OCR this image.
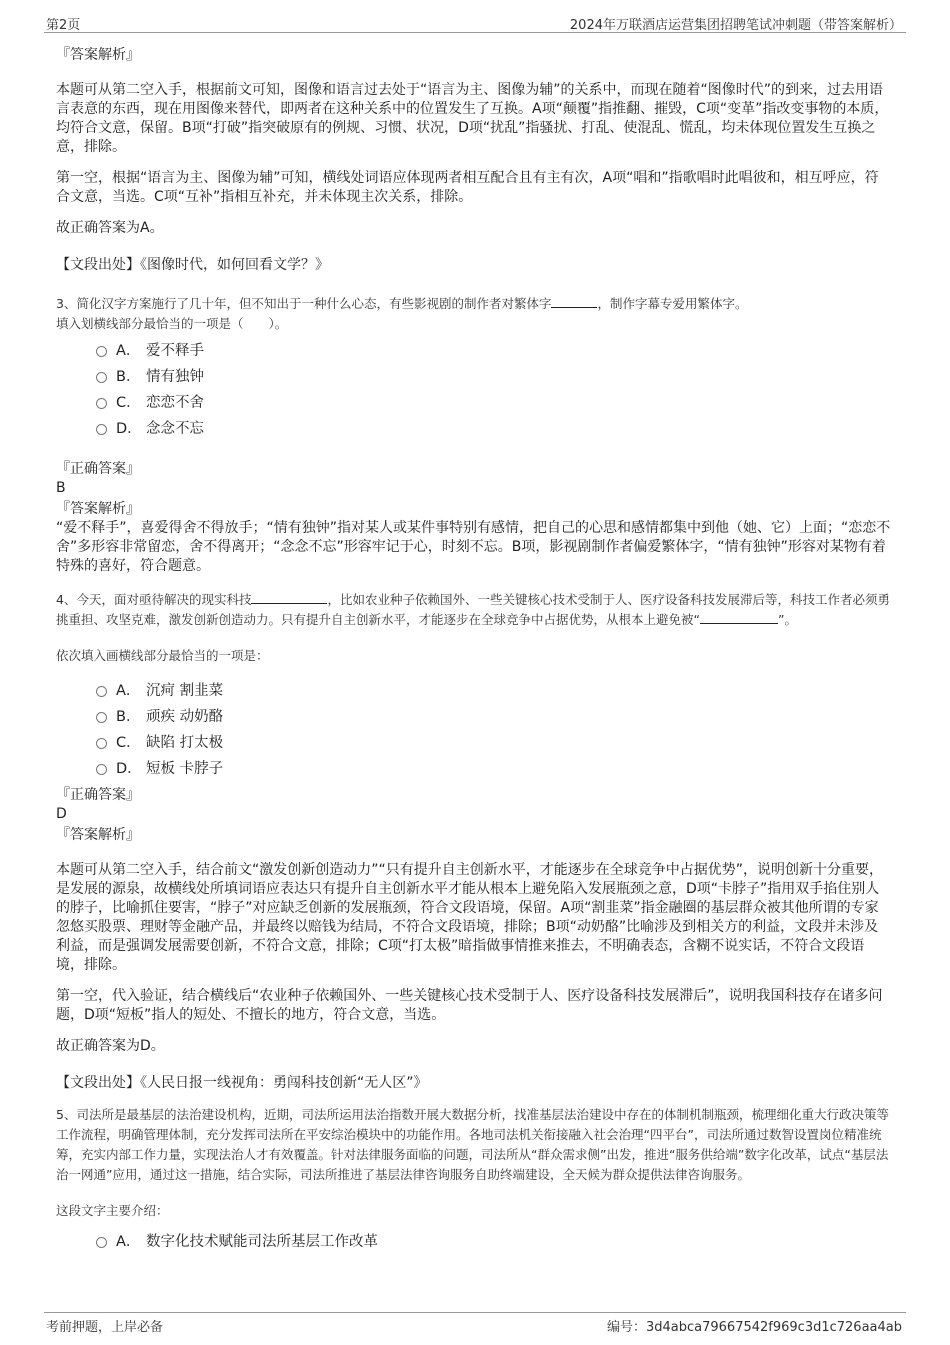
第2页	2024年万联酒店运营集团招聘笔试冲刺题（带答案解析）

『答案解析』

本题可从第二空入手，根据前文可知，图像和语言过去处于“语言为主、图像为辅”的关系中，而现在随着“图像时代”的到来，过去用语言表意的东西，现在用图像来替代，即两者在这种关系中的位置发生了互换。A项“颠覆”指推翻、摧毁，C项“变革”指改变事物的本质，均符合文意，保留。B项“打破”指突破原有的例规、习惯、状况，D项“扰乱”指骚扰、打乱、使混乱、慌乱，均未体现位置发生互换之意，排除。

第一空，根据“语言为主、图像为辅”可知，横线处词语应体现两者相互配合且有主有次，A项“唱和”指歌唱时此唱彼和，相互呼应，符合文意，当选。C项“互补”指相互补充，并未体现主次关系，排除。

故正确答案为A。

【文段出处】《图像时代，如何回看文学？》

3、简化汉字方案施行了几十年，但不知出于一种什么心态，有些影视剧的制作者对繁体字	，制作字幕专爱用繁体字。

填入划横线部分最恰当的一项是（　　）。

A． 爱不释手
B． 情有独钟
C． 恋恋不舍
D． 念念不忘

『正确答案』

B

『答案解析』

“爱不释手”，喜爱得舍不得放手；“情有独钟”指对某人或某件事特别有感情，把自己的心思和感情都集中到他（她、它）上面；“恋恋不舍”多形容非常留恋，舍不得离开；“念念不忘”形容牢记于心，时刻不忘。B项，影视剧制作者偏爱繁体字，“情有独钟”形容对某物有着特殊的喜好，符合题意。

4、今天，面对亟待解决的现实科技	，比如农业种子依赖国外、一些关键核心技术受制于人、医疗设备科技发展滞后等，科技工作者必须勇挑重担、攻坚克难，激发创新创造动力。只有提升自主创新水平，才能逐步在全球竞争中占据优势，从根本上避免被“	”。

依次填入画横线部分最恰当的一项是：

A． 沉疴 割韭菜
B． 顽疾 动奶酪
C． 缺陷 打太极
D． 短板 卡脖子

『正确答案』

D

『答案解析』

本题可从第二空入手，结合前文“激发创新创造动力”“只有提升自主创新水平，才能逐步在全球竞争中占据优势”，说明创新十分重要，是发展的源泉，故横线处所填词语应表达只有提升自主创新水平才能从根本上避免陷入发展瓶颈之意，D项“卡脖子”指用双手掐住别人的脖子，比喻抓住要害，“脖子”对应缺乏创新的发展瓶颈，符合文段语境，保留。A项“割韭菜”指金融圈的基层群众被其他所谓的专家忽悠买股票、理财等金融产品，并最终以赔钱为结局，不符合文段语境，排除；B项“动奶酪”比喻涉及到相关方的利益，文段并未涉及利益，而是强调发展需要创新，不符合文意，排除；C项“打太极”暗指做事情推来推去，不明确表态，含糊不说实话，不符合文段语境，排除。

第一空，代入验证，结合横线后“农业种子依赖国外、一些关键核心技术受制于人、医疗设备科技发展滞后”，说明我国科技存在诸多问题，D项“短板”指人的短处、不擅长的地方，符合文意，当选。

故正确答案为D。

【文段出处】《人民日报一线视角：勇闯科技创新“无人区”》

5、司法所是最基层的法治建设机构，近期，司法所运用法治指数开展大数据分析，找准基层法治建设中存在的体制机制瓶颈，梳理细化重大行政决策等工作流程，明确管理体制，充分发挥司法所在平安综治模块中的功能作用。各地司法机关衔接融入社会治理“四平台”，司法所通过数智设置岗位精准统筹，充实内部工作力量，实现法治人才有效覆盖。针对法律服务面临的问题，司法所从“群众需求侧”出发，推进“服务供给端”数字化改革，试点“基层法治一网通”应用，通过这一措施，结合实际，司法所推进了基层法律咨询服务自助终端建设，全天候为群众提供法律咨询服务。

这段文字主要介绍：

A． 数字化技术赋能司法所基层工作改革
考前押题，上岸必备	编号：3d4abca79667542f969c3d1c726aa4ab
